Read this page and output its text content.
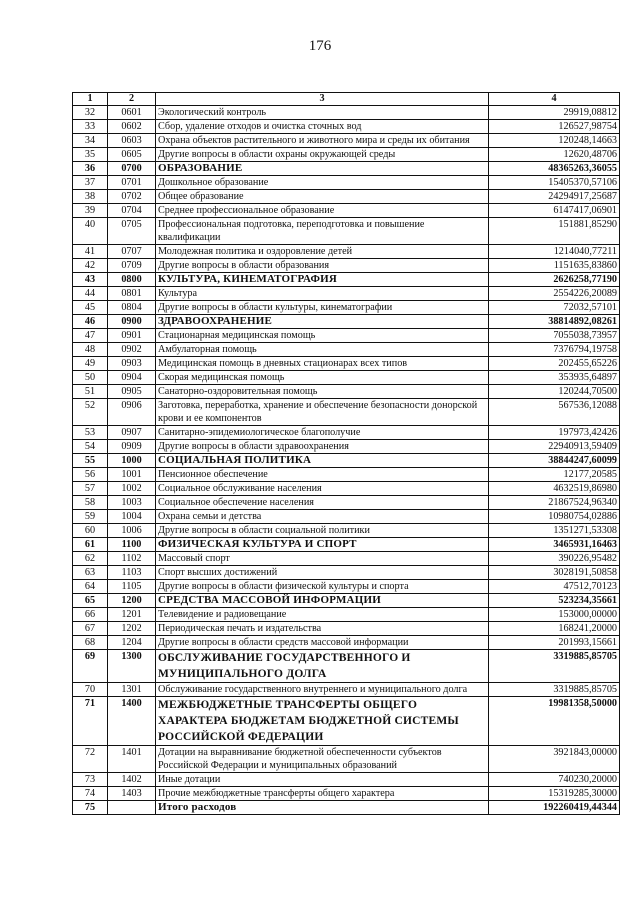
176
1	2	3	4
32	0601	Экологический контроль	29919,08812
33	0602	Сбор, удаление отходов и очистка сточных вод	126527,98754
34	0603	Охрана объектов растительного и животного мира и среды их обитания	120248,14663
35	0605	Другие вопросы в области охраны окружающей среды	12620,48706
36	0700	ОБРАЗОВАНИЕ	48365263,36055
37	0701	Дошкольное образование	15405370,57106
38	0702	Общее образование	24294917,25687
39	0704	Среднее профессиональное образование	6147417,06901
40	0705	Профессиональная подготовка, переподготовка и повышение квалификации	151881,85290
41	0707	Молодежная политика и оздоровление детей	1214040,77211
42	0709	Другие вопросы в области образования	1151635,83860
43	0800	КУЛЬТУРА, КИНЕМАТОГРАФИЯ	2626258,77190
44	0801	Культура	2554226,20089
45	0804	Другие вопросы в области культуры, кинематографии	72032,57101
46	0900	ЗДРАВООХРАНЕНИЕ	38814892,08261
47	0901	Стационарная медицинская помощь	7055038,73957
48	0902	Амбулаторная помощь	7376794,19758
49	0903	Медицинская помощь в дневных стационарах всех типов	202455,65226
50	0904	Скорая медицинская помощь	353935,64897
51	0905	Санаторно-оздоровительная помощь	120244,70500
52	0906	Заготовка, переработка, хранение и обеспечение безопасности донорской крови и ее компонентов	567536,12088
53	0907	Санитарно-эпидемиологическое благополучие	197973,42426
54	0909	Другие вопросы в области здравоохранения	22940913,59409
55	1000	СОЦИАЛЬНАЯ ПОЛИТИКА	38844247,60099
56	1001	Пенсионное обеспечение	12177,20585
57	1002	Социальное обслуживание населения	4632519,86980
58	1003	Социальное обеспечение населения	21867524,96340
59	1004	Охрана семьи и детства	10980754,02886
60	1006	Другие вопросы в области социальной политики	1351271,53308
61	1100	ФИЗИЧЕСКАЯ КУЛЬТУРА И СПОРТ	3465931,16463
62	1102	Массовый спорт	390226,95482
63	1103	Спорт высших достижений	3028191,50858
64	1105	Другие вопросы в области физической культуры и спорта	47512,70123
65	1200	СРЕДСТВА МАССОВОЙ ИНФОРМАЦИИ	523234,35661
66	1201	Телевидение и радиовещание	153000,00000
67	1202	Периодическая печать и издательства	168241,20000
68	1204	Другие вопросы в области средств массовой информации	201993,15661
69	1300	ОБСЛУЖИВАНИЕ ГОСУДАРСТВЕННОГО И МУНИЦИПАЛЬНОГО ДОЛГА	3319885,85705
70	1301	Обслуживание государственного внутреннего и муниципального долга	3319885,85705
71	1400	МЕЖБЮДЖЕТНЫЕ ТРАНСФЕРТЫ ОБЩЕГО ХАРАКТЕРА БЮДЖЕТАМ БЮДЖЕТНОЙ СИСТЕМЫ РОССИЙСКОЙ ФЕДЕРАЦИИ	19981358,50000
72	1401	Дотации на выравнивание бюджетной обеспеченности субъектов Российской Федерации и муниципальных образований	3921843,00000
73	1402	Иные дотации	740230,20000
74	1403	Прочие межбюджетные трансферты общего характера	15319285,30000
75		Итого расходов	192260419,44344
